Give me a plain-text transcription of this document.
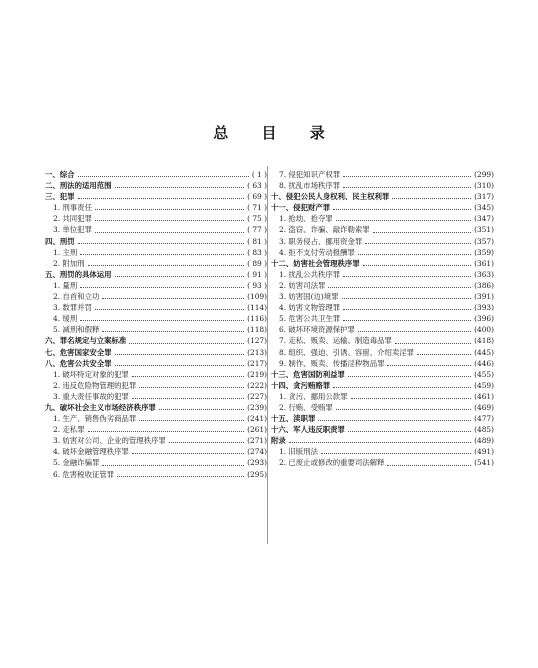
总 目 录
一、综合	( 1 )
二、刑法的适用范围	( 63 )
三、犯罪	( 69 )
1. 刑事责任	( 71 )
2. 共同犯罪	( 75 )
3. 单位犯罪	( 77 )
四、刑罚	( 81 )
1. 主刑	( 83 )
2. 附加刑	( 89 )
五、刑罚的具体运用	( 91 )
1. 量刑	( 93 )
2. 自首和立功	(109)
3. 数罪并罚	(114)
4. 缓刑	(116)
5. 减刑和假释	(118)
六、罪名规定与立案标准	(127)
七、危害国家安全罪	(213)
八、危害公共安全罪	(217)
1. 破坏特定对象的犯罪	(219)
2. 违反危险物管理的犯罪	(222)
3. 重大责任事故的犯罪	(227)
九、破坏社会主义市场经济秩序罪	(239)
1. 生产、销售伪劣商品罪	(241)
2. 走私罪	(261)
3. 妨害对公司、企业的管理秩序罪	(271)
4. 破坏金融管理秩序罪	(274)
5. 金融诈骗罪	(293)
6. 危害税收征管罪	(295)
7. 侵犯知识产权罪	(299)
8. 扰乱市场秩序罪	(310)
十、侵犯公民人身权利、民主权利罪	(317)
十一、侵犯财产罪	(345)
1. 抢劫、抢夺罪	(347)
2. 盗窃、诈骗、敲诈勒索罪	(351)
3. 职务侵占、挪用资金罪	(357)
4. 拒不支付劳动报酬罪	(359)
十二、妨害社会管理秩序罪	(361)
1. 扰乱公共秩序罪	(363)
2. 妨害司法罪	(386)
3. 妨害国(边)境罪	(391)
4. 妨害文物管理罪	(393)
5. 危害公共卫生罪	(396)
6. 破坏环境资源保护罪	(400)
7. 走私、贩卖、运输、制造毒品罪	(418)
8. 组织、强迫、引诱、容留、介绍卖淫罪	(445)
9. 制作、贩卖、传播淫秽物品罪	(446)
十三、危害国防利益罪	(455)
十四、贪污贿赂罪	(459)
1. 贪污、挪用公款罪	(461)
2. 行贿、受贿罪	(469)
十五、渎职罪	(477)
十六、军人违反职责罪	(485)
附录	(489)
1. 旧版刑法	(491)
2. 已废止或修改的重要司法解释	(541)
